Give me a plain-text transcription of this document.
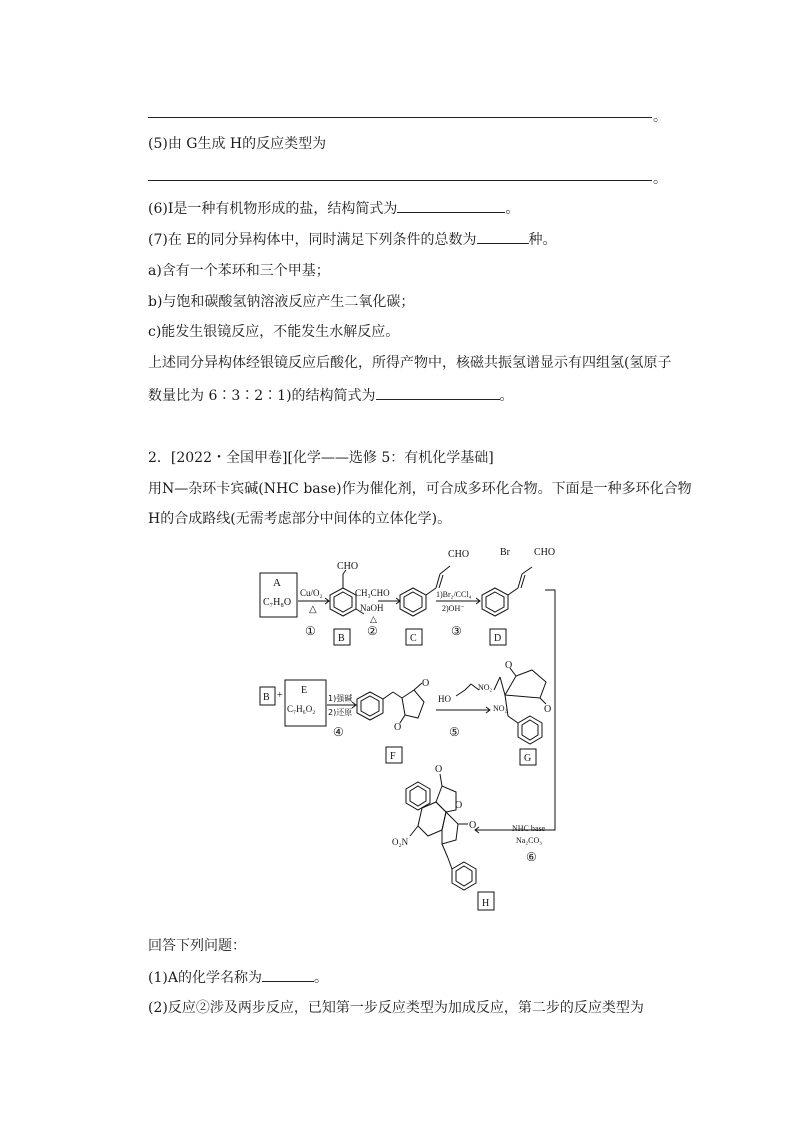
。
(5)由 G生成 H的反应类型为
。
(6)I是一种有机物形成的盐，结构简式为	。
(7)在 E的同分异构体中，同时满足下列条件的总数为	种。
a)含有一个苯环和三个甲基；
b)与饱和碳酸氢钠溶液反应产生二氧化碳；
c)能发生银镜反应，不能发生水解反应。
上述同分异构体经银镜反应后酸化，所得产物中，核磁共振氢谱显示有四组氢(氢原子
数量比为 6∶3∶2∶1)的结构简式为	。
2．[2022・全国甲卷][化学——选修 5：有机化学基础]
用N—杂环卡宾碱(NHC base)作为催化剂，可合成多环化合物。下面是一种多环化合物
H的合成路线(无需考虑部分中间体的立体化学)。
A
C₇H₈O
Cu/O₂
△
①
CHO
B
CH₃CHO
NaOH
△
②
CHO
C
1)Br₂/CCl₄
2)OH⁻
③
Br CHO
D
B + E
C₇H₆O₂
1)强碱
2)还原
④
O
O
F
HO
NO₂
⑤
O
O
NO₂
G
NHC base
Na₂CO₃
⑥
O
O
O
O₂N
H
回答下列问题：
(1)A的化学名称为	。
(2)反应②涉及两步反应，已知第一步反应类型为加成反应，第二步的反应类型为
